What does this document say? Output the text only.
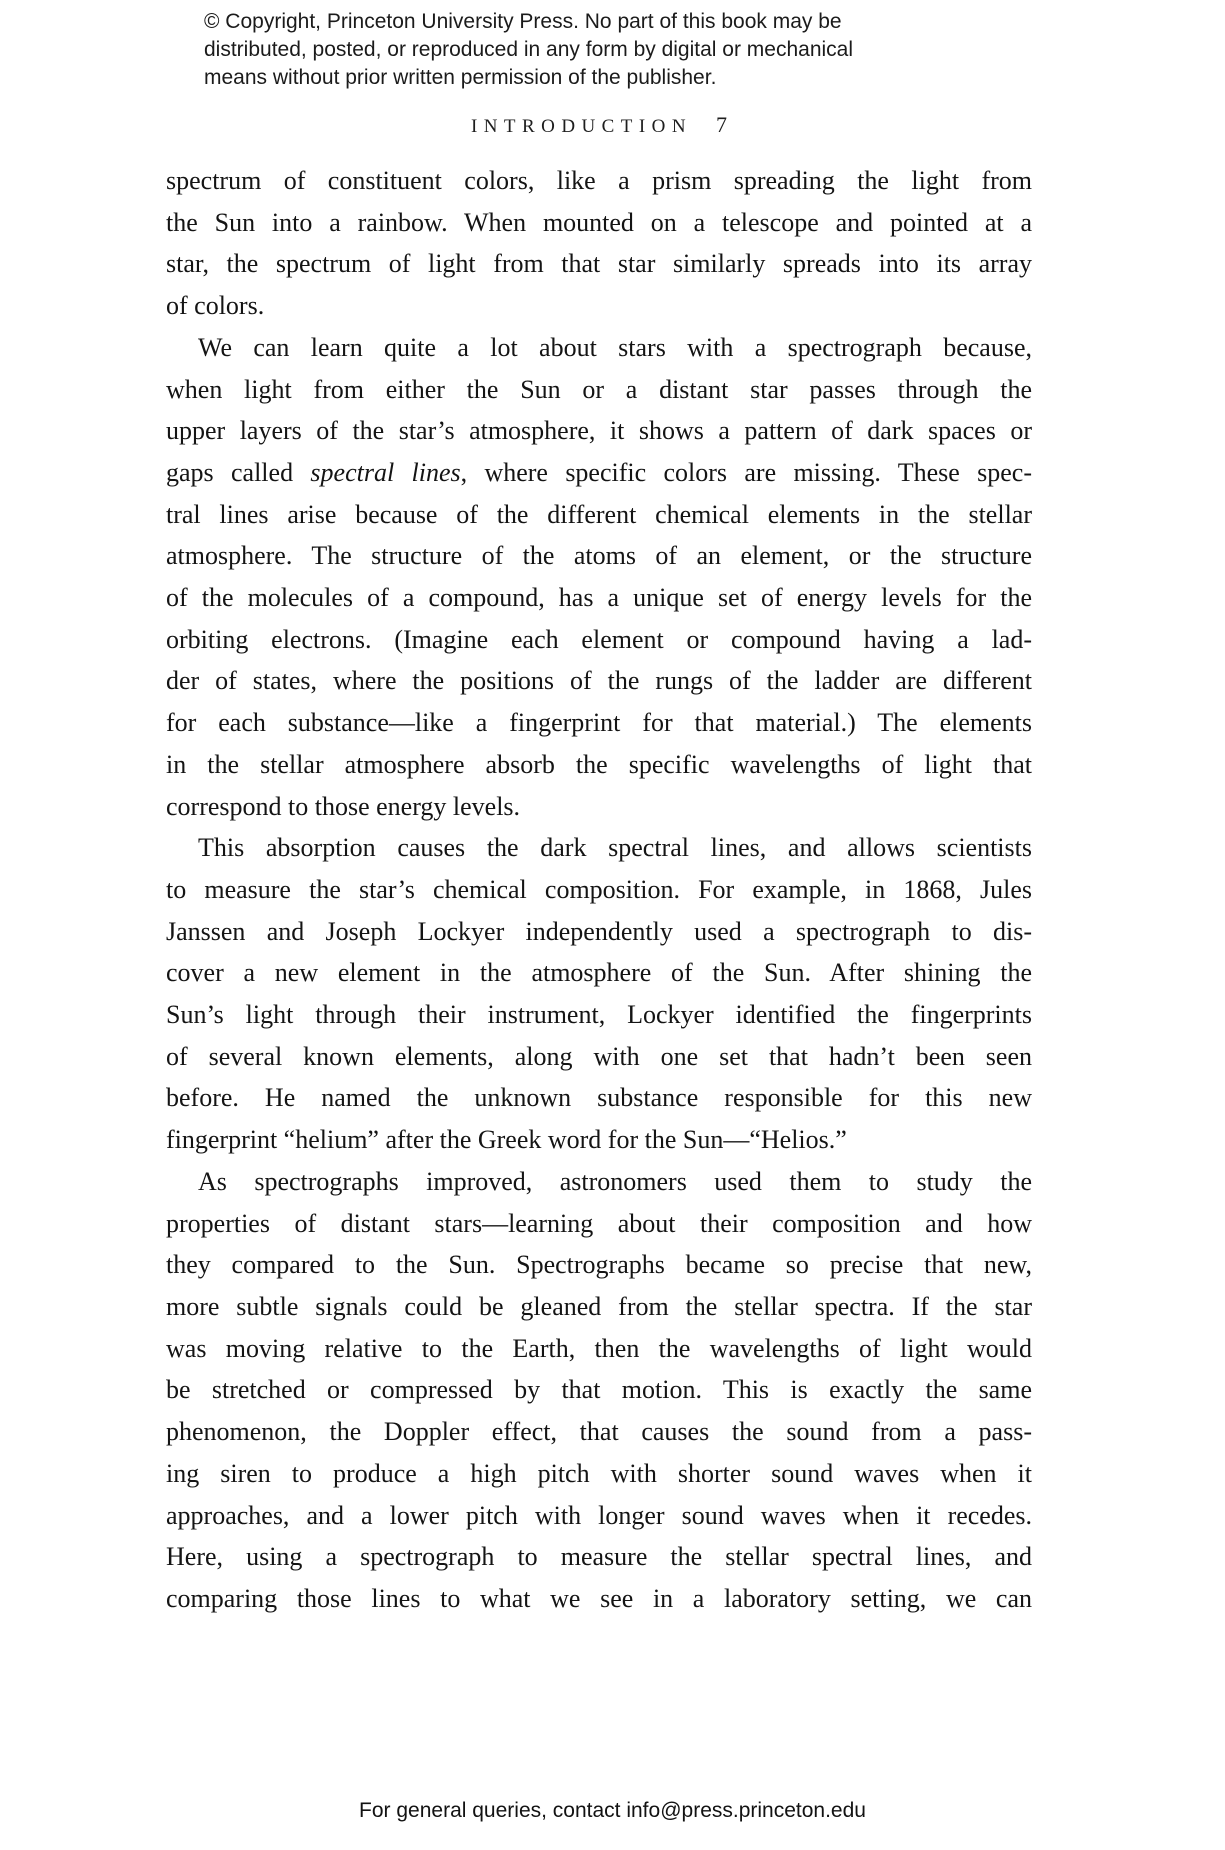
© Copyright, Princeton University Press. No part of this book may be
distributed, posted, or reproduced in any form by digital or mechanical
means without prior written permission of the publisher.
INTRODUCTION 7
spectrum of constituent colors, like a prism spreading the light from
the Sun into a rainbow. When mounted on a telescope and pointed at a
star, the spectrum of light from that star similarly spreads into its array
of colors.
We can learn quite a lot about stars with a spectrograph because,
when light from either the Sun or a distant star passes through the
upper layers of the star’s atmosphere, it shows a pattern of dark spaces or
gaps called spectral lines, where specific colors are missing. These spec-
tral lines arise because of the different chemical elements in the stellar
atmosphere. The structure of the atoms of an element, or the structure
of the molecules of a compound, has a unique set of energy levels for the
orbiting electrons. (Imagine each element or compound having a lad-
der of states, where the positions of the rungs of the ladder are different
for each substance—like a fingerprint for that material.) The elements
in the stellar atmosphere absorb the specific wavelengths of light that
correspond to those energy levels.
This absorption causes the dark spectral lines, and allows scientists
to measure the star’s chemical composition. For example, in 1868, Jules
Janssen and Joseph Lockyer independently used a spectrograph to dis-
cover a new element in the atmosphere of the Sun. After shining the
Sun’s light through their instrument, Lockyer identified the fingerprints
of several known elements, along with one set that hadn’t been seen
before. He named the unknown substance responsible for this new
fingerprint “helium” after the Greek word for the Sun—“Helios.”
As spectrographs improved, astronomers used them to study the
properties of distant stars—learning about their composition and how
they compared to the Sun. Spectrographs became so precise that new,
more subtle signals could be gleaned from the stellar spectra. If the star
was moving relative to the Earth, then the wavelengths of light would
be stretched or compressed by that motion. This is exactly the same
phenomenon, the Doppler effect, that causes the sound from a pass-
ing siren to produce a high pitch with shorter sound waves when it
approaches, and a lower pitch with longer sound waves when it recedes.
Here, using a spectrograph to measure the stellar spectral lines, and
comparing those lines to what we see in a laboratory setting, we can
For general queries, contact info@press.princeton.edu
